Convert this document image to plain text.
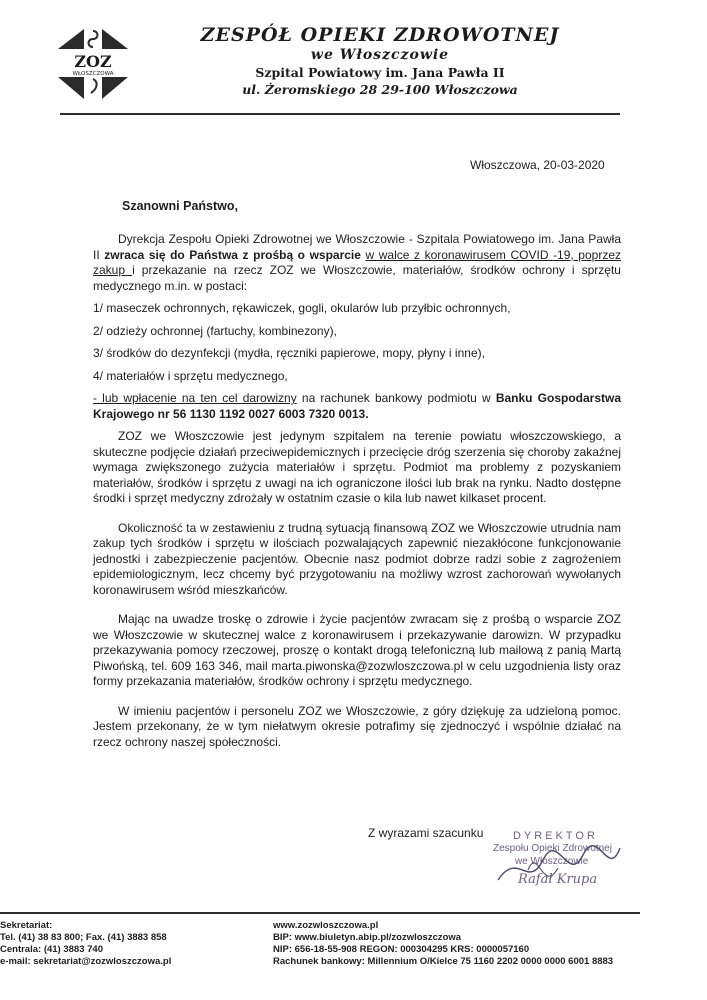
ZOZ
WŁOSZCZOWA
ZESPÓŁ OPIEKI ZDROWOTNEJ
we Włoszczowie
Szpital Powiatowy im. Jana Pawła II
ul. Żeromskiego 28 29-100 Włoszczowa
Włoszczowa, 20-03-2020
Szanowni Państwo,

Dyrekcja Zespołu Opieki Zdrowotnej we Włoszczowie - Szpitala Powiatowego im. Jana Pawła II zwraca się do Państwa z prośbą o wsparcie w walce z koronawirusem COVID -19, poprzez zakup i przekazanie na rzecz ZOZ we Włoszczowie, materiałów, środków ochrony i sprzętu medycznego m.in. w postaci:

1/ maseczek ochronnych, rękawiczek, gogli, okularów lub przyłbic ochronnych,

2/ odzieży ochronnej (fartuchy, kombinezony),

3/ środków do dezynfekcji (mydła, ręczniki papierowe, mopy, płyny i inne),

4/ materiałów i sprzętu medycznego,

- lub wpłacenie na ten cel darowizny na rachunek bankowy podmiotu w Banku Gospodarstwa Krajowego nr 56 1130 1192 0027 6003 7320 0013.

ZOZ we Włoszczowie jest jedynym szpitalem na terenie powiatu włoszczowskiego, a skuteczne podjęcie działań przeciwepidemicznych i przecięcie dróg szerzenia się choroby zakaźnej wymaga zwiększonego zużycia materiałów i sprzętu. Podmiot ma problemy z pozyskaniem materiałów, środków i sprzętu z uwagi na ich ograniczone ilości lub brak na rynku. Nadto dostępne środki i sprzęt medyczny zdrożały w ostatnim czasie o kila lub nawet kilkaset procent.

Okoliczność ta w zestawieniu z trudną sytuacją finansową ZOZ we Włoszczowie utrudnia nam zakup tych środków i sprzętu w ilościach pozwalających zapewnić niezakłócone funkcjonowanie jednostki i zabezpieczenie pacjentów. Obecnie nasz podmiot dobrze radzi sobie z zagrożeniem epidemiologicznym, lecz chcemy być przygotowaniu na możliwy wzrost zachorowań wywołanych koronawirusem wśród mieszkańców.

Mając na uwadze troskę o zdrowie i życie pacjentów zwracam się z prośbą o wsparcie ZOZ we Włoszczowie w skutecznej walce z koronawirusem i przekazywanie darowizn. W przypadku przekazywania pomocy rzeczowej, proszę o kontakt drogą telefoniczną lub mailową z panią Martą Piwońską, tel. 609 163 346, mail marta.piwonska@zozwloszczowa.pl w celu uzgodnienia listy oraz formy przekazania materiałów, środków ochrony i sprzętu medycznego.

W imieniu pacjentów i personelu ZOZ we Włoszczowie, z góry dziękuję za udzieloną pomoc. Jestem przekonany, że w tym niełatwym okresie potrafimy się zjednoczyć i wspólnie działać na rzecz ochrony naszej społeczności.

Z wyrazami szacunku	DYREKTOR
Zespołu Opieki Zdrowotnej
we Włoszczowie
Rafał Krupa
Sekretariat:
Tel. (41) 38 83 800; Fax. (41) 3883 858
Centrala: (41) 3883 740
e-mail: sekretariat@zozwloszczowa.pl
www.zozwloszczowa.pl
BIP: www.biuletyn.abip.pl/zozwloszczowa
NIP: 656-18-55-908 REGON: 000304295 KRS: 0000057160
Rachunek bankowy: Millennium O/Kielce 75 1160 2202 0000 0000 6001 8883
